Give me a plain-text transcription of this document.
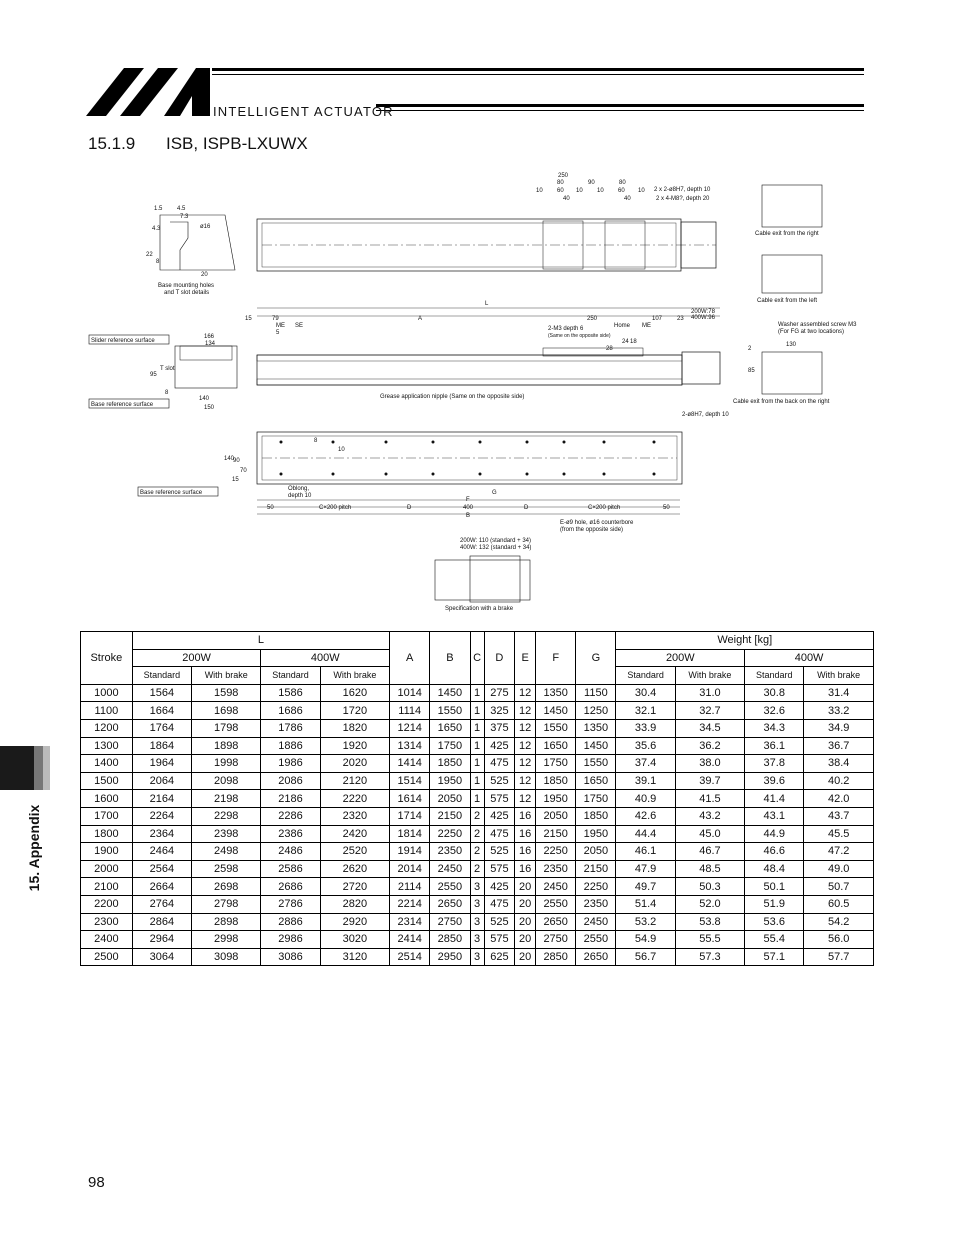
INTELLIGENT ACTUATOR
15.1.9 ISB, ISPB-LXUWX
250
80	90	80
10 60 10 10 60 10
40	40
2 x 2-ø8H7, depth 10
2 x 4-M8?, depth 20
1.5 4.5
ø16
7.3
4.3
22
8
20
Base mounting holes
and T slot details
L
15	79	A	250	107 23
200W:78
400W:96
ME SE
5
Home ME
24 18
28
2-M3 depth 6
(Same on the opposite side)
Grease application nipple (Same on the opposite side)
Slider reference surface
Base reference surface
166
134
140
150
T slot
95
8
Cable exit from the right
Cable exit from the left
Cable exit from the back on the right
Washer assembled screw M3
(For FG at two locations)
130
2
85
2-ø8H7, depth 10
Base reference surface
140
90
70
15
8
10
Oblong,
depth 10	G
F
50	C×200 pitch	D	400	D	C×200 pitch	50
B
E-ø9 hole, ø16 counterbore
(from the opposite side)
200W: 110 (standard + 34)
400W: 132 (standard + 34)
Specification with a brake
Stroke	L				A	B	C	D	E	F	G	Weight [kg]			
	200W		400W									200W		400W	
	Standard	With brake	Standard	With brake								Standard	With brake	Standard	With brake
1000	1564	1598	1586	1620	1014	1450	1	275	12	1350	1150	30.4	31.0	30.8	31.4
1100	1664	1698	1686	1720	1114	1550	1	325	12	1450	1250	32.1	32.7	32.6	33.2
1200	1764	1798	1786	1820	1214	1650	1	375	12	1550	1350	33.9	34.5	34.3	34.9
1300	1864	1898	1886	1920	1314	1750	1	425	12	1650	1450	35.6	36.2	36.1	36.7
1400	1964	1998	1986	2020	1414	1850	1	475	12	1750	1550	37.4	38.0	37.8	38.4
1500	2064	2098	2086	2120	1514	1950	1	525	12	1850	1650	39.1	39.7	39.6	40.2
1600	2164	2198	2186	2220	1614	2050	1	575	12	1950	1750	40.9	41.5	41.4	42.0
1700	2264	2298	2286	2320	1714	2150	2	425	16	2050	1850	42.6	43.2	43.1	43.7
1800	2364	2398	2386	2420	1814	2250	2	475	16	2150	1950	44.4	45.0	44.9	45.5
1900	2464	2498	2486	2520	1914	2350	2	525	16	2250	2050	46.1	46.7	46.6	47.2
2000	2564	2598	2586	2620	2014	2450	2	575	16	2350	2150	47.9	48.5	48.4	49.0
2100	2664	2698	2686	2720	2114	2550	3	425	20	2450	2250	49.7	50.3	50.1	50.7
2200	2764	2798	2786	2820	2214	2650	3	475	20	2550	2350	51.4	52.0	51.9	60.5
2300	2864	2898	2886	2920	2314	2750	3	525	20	2650	2450	53.2	53.8	53.6	54.2
2400	2964	2998	2986	3020	2414	2850	3	575	20	2750	2550	54.9	55.5	55.4	56.0
2500	3064	3098	3086	3120	2514	2950	3	625	20	2850	2650	56.7	57.3	57.1	57.7
15. Appendix
98
